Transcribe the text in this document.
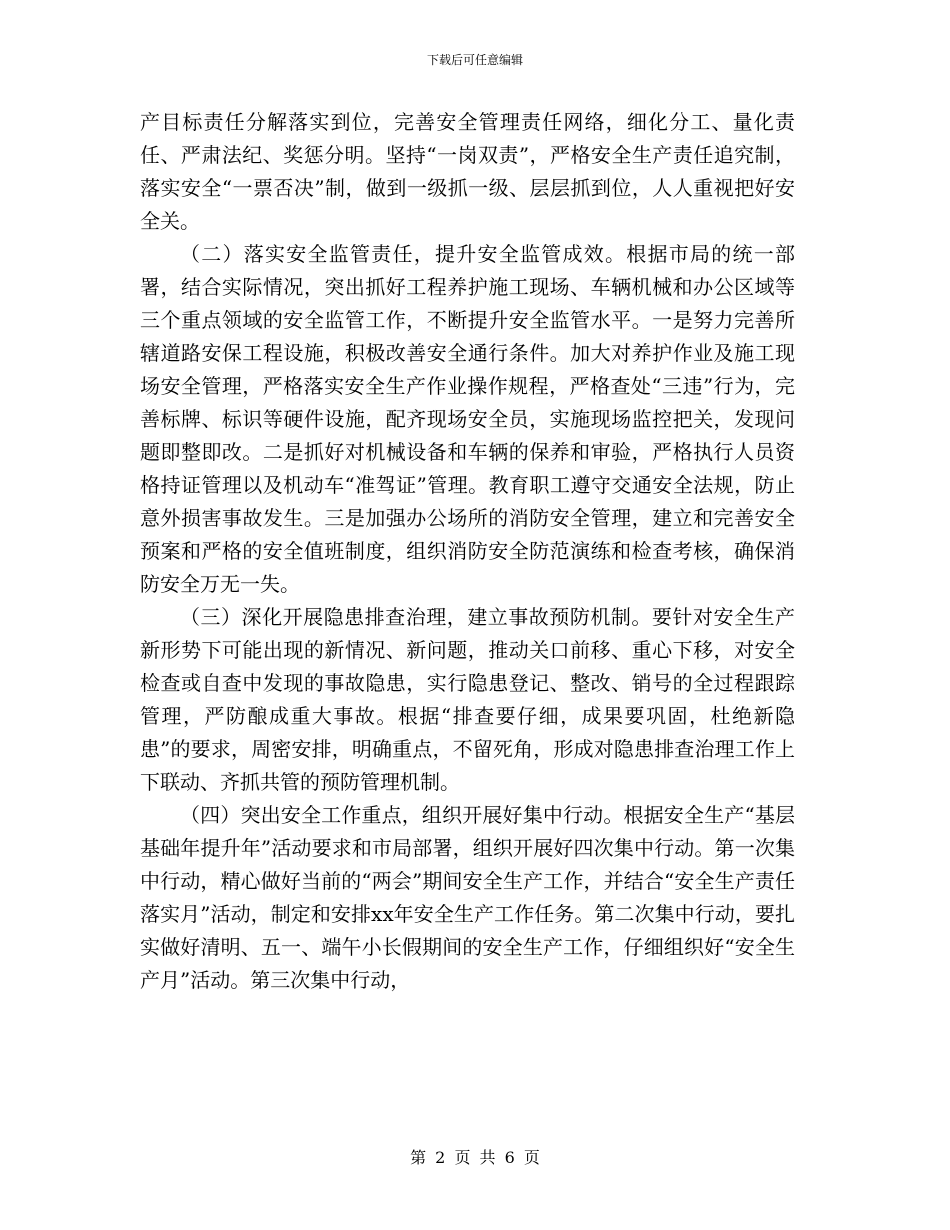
下载后可任意编辑

产目标责任分解落实到位，完善安全管理责任网络，细化分工、量化责任、严肃法纪、奖惩分明。坚持“一岗双责”，严格安全生产责任追究制，落实安全“一票否决”制，做到一级抓一级、层层抓到位，人人重视把好安全关。

（二）落实安全监管责任，提升安全监管成效。根据市局的统一部署，结合实际情况，突出抓好工程养护施工现场、车辆机械和办公区域等三个重点领域的安全监管工作，不断提升安全监管水平。一是努力完善所辖道路安保工程设施，积极改善安全通行条件。加大对养护作业及施工现场安全管理，严格落实安全生产作业操作规程，严格查处“三违”行为，完善标牌、标识等硬件设施，配齐现场安全员，实施现场监控把关，发现问题即整即改。二是抓好对机械设备和车辆的保养和审验，严格执行人员资格持证管理以及机动车“准驾证”管理。教育职工遵守交通安全法规，防止意外损害事故发生。三是加强办公场所的消防安全管理，建立和完善安全预案和严格的安全值班制度，组织消防安全防范演练和检查考核，确保消防安全万无一失。

（三）深化开展隐患排查治理，建立事故预防机制。要针对安全生产新形势下可能出现的新情况、新问题，推动关口前移、重心下移，对安全检查或自查中发现的事故隐患，实行隐患登记、整改、销号的全过程跟踪管理，严防酿成重大事故。根据“排查要仔细，成果要巩固，杜绝新隐患”的要求，周密安排，明确重点，不留死角，形成对隐患排查治理工作上下联动、齐抓共管的预防管理机制。

（四）突出安全工作重点，组织开展好集中行动。根据安全生产“基层基础年提升年”活动要求和市局部署，组织开展好四次集中行动。第一次集中行动，精心做好当前的“两会”期间安全生产工作，并结合“安全生产责任落实月”活动，制定和安排xx年安全生产工作任务。第二次集中行动，要扎实做好清明、五一、端午小长假期间的安全生产工作，仔细组织好“安全生产月”活动。第三次集中行动，

第 2 页 共 6 页
